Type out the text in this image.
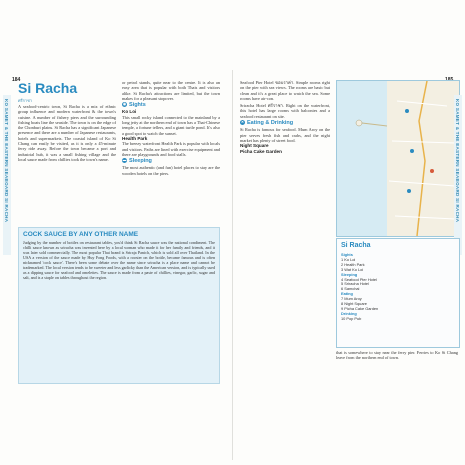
184
KO SAMET & THE EASTERN SEABOARD SI RACHA
Si Racha
ศรีราชา
A seafood-centric town, Si Racha is a mix of ethnic group influence and modern waterfront & the town's cuisine. A number of fishery piers and the surrounding fishing boats line the seaside. The town is on the edge of the Chonburi plains. Si Racha has a significant Japanese presence and there are a number of Japanese restaurants, hotels and supermarkets. The coastal island of Ko Si Chang can easily be visited, as it is only a 45-minute ferry ride away. Before the town became a port and industrial hub, it was a small fishing village and the local sauce made from chillies took the town's name.
or petrol stands, quite near to the centre. It is also an easy area that is popular with both Thais and visitors alike. Si Racha's attractions are limited, but the town makes for a pleasant stopover.
◉ Sights
Ko Loi
This small rocky island connected to the mainland by a long jetty at the northern end of town has a Thai-Chinese temple, a fortune tellers, and a giant turtle pond. It's also a good spot to watch the sunset.
Health Park
The breezy waterfront Health Park is popular with locals and visitors. Paths are lined with exercise equipment and there are playgrounds and food stalls.
▬ Sleeping
The most authentic (and fun) hotel places to stay are the wooden hotels on the piers.
COCK SAUCE BY ANY OTHER NAME
Judging by the number of bottles on restaurant tables, you'd think Si Racha sauce was the national condiment. The chilli sauce known as sriracha was invented here by a local woman who made it for her family and friends, and it was later sold commercially. The most popular Thai brand is Sriraja Panich, which is sold all over Thailand. In the USA a version of the sauce made by Huy Fong Foods, with a rooster on the bottle, became famous and is often nicknamed 'cock sauce'. There's been some debate over the name since sriracha is a place name and cannot be trademarked. The local version tends to be sweeter and less garlicky than the American version, and is typically used as a dipping sauce for seafood and omelettes. The sauce is made from a paste of chillies, vinegar, garlic, sugar and salt, and is a staple on tables throughout the region.
Seafood Pier Hotel ขอบราค่า. Simple rooms right on the pier with sea views. The rooms are basic but clean and it's a great place to watch the sea. Some rooms have air-con.
Sriracha Hotel ศรีราชา. Right on the waterfront, this hotel has large rooms with balconies and a seafood restaurant on site.
✕ Eating & Drinking
Si Racha is famous for seafood. Mum Aroy on the pier serves fresh fish and crabs, and the night market has plenty of street food.
Night Square
Picha Cake Garden	KO SAMET & THE EASTERN SEABOARD SI RACHA
Si Racha
Sights
1 Ko Loi
2 Health Park
3 Wat Ko Loi
Sleeping
4 Seafood Pier Hotel
5 Sriracha Hotel
6 Samchai
Eating
7 Mum Aroy
8 Night Square
9 Picha Cake Garden
Drinking
10 Pop Pub
that is somewhere to stay near the ferry pier. Ferries to Ko Si Chang leave from the northern end of town.
